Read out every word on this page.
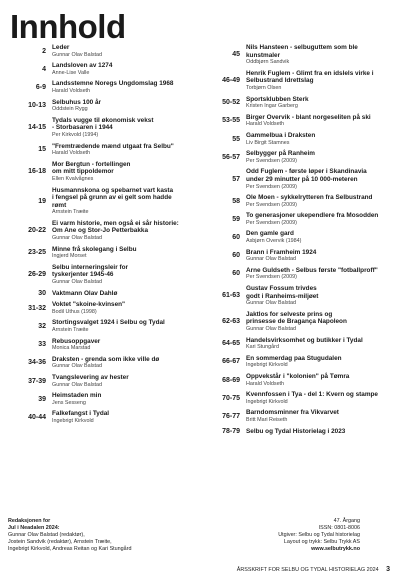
Innhold
2
Leder
Gunnar Olav Balstad
4
Landsloven av 1274
Anne-Lise Valle
6-9
Landsstemne Noregs Ungdomslag 1968
Harald Voldseth
10-13
Selbuhus 100 år
Oddstein Rygg
14-15
Tydals vugge til økonomisk vekst
- Storbasaren i 1944
Per Kirkvold (1994)
15
"Fremtrædende mænd utgaat fra Selbu"
Harald Voldseth
16-18
Mor Bergtun - fortellingen
om mitt tippoldemor
Ellen Kvalvågnes
19
Husmannskona og spebarnet vart kasta
i fengsel på grunn av ei gelt som hadde
rømt
Arnstein Træite
20-22
Ei varm historie, men også ei sår historie:
Om Ane og Stor-Jo Petterbakka
Gunnar Olav Balstad
23-25
Minne frå skolegang i Selbu
Ingjerd Morset
26-29
Selbu interneringsleir for
tyskerjenter 1945-46
Gunnar Olav Balstad
30 Vaktmann Olav Dahlø
31-32
Voktet "skoine-kvinsen"
Bodil Uthus (1998)
32
Stortingsvalget 1924 i Selbu og Tydal
Arnstein Træite
33
Rebusoppgaver
Monica Marstad
34-36
Draksten - grenda som ikke ville dø
Gunnar Olav Balstad
37-39
Tvangslevering av hester
Gunnar Olav Balstad
39
Heimstaden min
Jens Sesseng
40-44
Falkefangst i Tydal
Ingebrigt Kirkvold
45
Nils Hansteen - selbuguttem som ble
kunstmaler
Oddbjørn Sandvik
46-49
Henrik Fuglem - Glimt fra en idslels virke i
Selbustrand Idrettslag
Torbjørn Olsen
50-52
Sportsklubben Sterk
Kristen Ingar Garberg
53-55
Birger Overvik - blant norgeseliten på ski
Harald Voldseth
55
Gammelbua i Draksten
Liv Birgit Stamnes
56-57
Selbygger på Ranheim
Per Svendsen (2009)
57
Odd Fuglem - første løper i Skandinavia
under 29 minutter på 10 000-meteren
Per Svendsen (2009)
58
Ole Moen - sykkelrytteren fra Selbustrand
Per Svendsen (2009)
59
To generasjoner ukependlere fra Mosodden
Per Svendsen (2009)
60
Den gamle gard
Asbjørn Overvik (1984)
60
Brann i Framheim 1924
Gunnar Olav Balstad
60
Arne Guldseth - Selbus første "fotballproff"
Per Svendsen (2009)
61-63
Gustav Fossum trivdes
godt i Ranheims-miljøet
Gunnar Olav Balstad
62-63
Jaktlos for selveste prins og
prinsesse de Bragança Napoleon
Gunnar Olav Balstad
64-65
Handelsvirksomhet og butikker i Tydal
Kari Stungård
66-67
En sommerdag paa Stugudalen
Ingebrigt Kirkvold
68-69
Oppvekstår i "kolonien" på Tømra
Harald Voldseth
70-75
Kvennfossen i Tya - del 1: Kvern og stampe
Ingebrigt Kirkvold
76-77
Barndomsminner fra Vikvarvet
Britt Mari Reiseth
78-79 Selbu og Tydal Historielag i 2023
Redaksjonen for
Jul i Neadalen 2024:
Gunnar Olav Balstad (redaktør),
Jostein Sandvik (redaktør), Arnstein Træite,
Ingebrigt Kirkvold, Andreas Reitan og Kari Stungård
47. Årgang
ISSN: 0801-8006
Utgiver: Selbu og Tydal historielag
Layout og trykk: Selbu Trykk AS
www.selbutrykk.no
ÅRSSKRIFT FOR SELBU OG TYDAL HISTORIELAG 2024 3
